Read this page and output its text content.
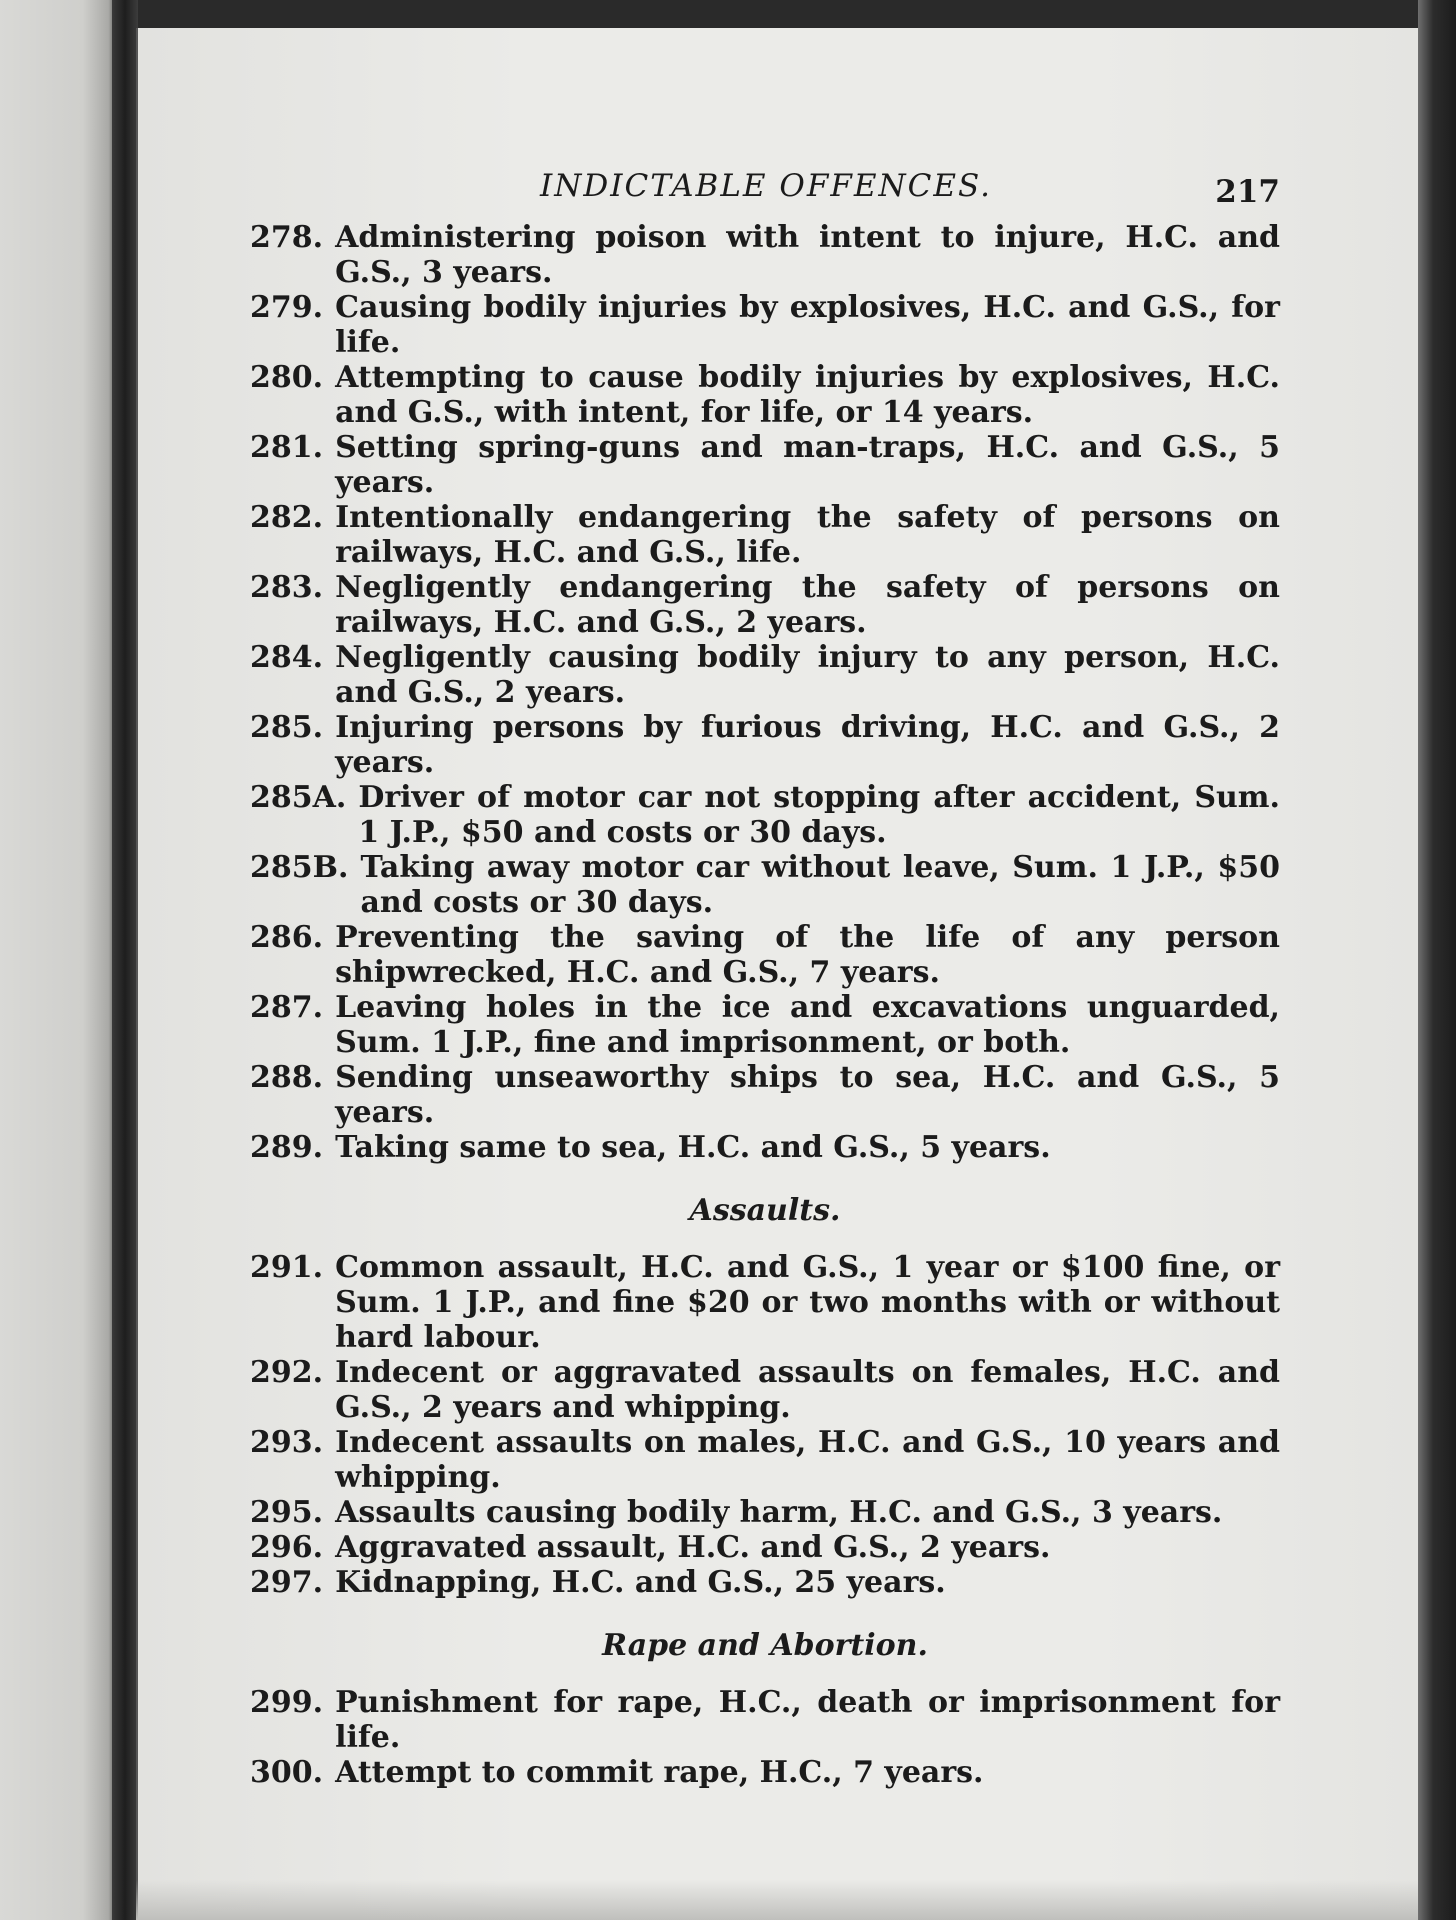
INDICTABLE OFFENCES.	217
278. Administering poison with intent to injure, H.C. and G.S., 3 years.
279. Causing bodily injuries by explosives, H.C. and G.S., for life.
280. Attempting to cause bodily injuries by explosives, H.C. and G.S., with intent, for life, or 14 years.
281. Setting spring-guns and man-traps, H.C. and G.S., 5 years.
282. Intentionally endangering the safety of persons on railways, H.C. and G.S., life.
283. Negligently endangering the safety of persons on railways, H.C. and G.S., 2 years.
284. Negligently causing bodily injury to any person, H.C. and G.S., 2 years.
285. Injuring persons by furious driving, H.C. and G.S., 2 years.
285A. Driver of motor car not stopping after accident, Sum. 1 J.P., $50 and costs or 30 days.
285B. Taking away motor car without leave, Sum. 1 J.P., $50 and costs or 30 days.
286. Preventing the saving of the life of any person shipwrecked, H.C. and G.S., 7 years.
287. Leaving holes in the ice and excavations unguarded, Sum. 1 J.P., fine and imprisonment, or both.
288. Sending unseaworthy ships to sea, H.C. and G.S., 5 years.
289. Taking same to sea, H.C. and G.S., 5 years.
Assaults.
291. Common assault, H.C. and G.S., 1 year or $100 fine, or Sum. 1 J.P., and fine $20 or two months with or without hard labour.
292. Indecent or aggravated assaults on females, H.C. and G.S., 2 years and whipping.
293. Indecent assaults on males, H.C. and G.S., 10 years and whipping.
295. Assaults causing bodily harm, H.C. and G.S., 3 years.
296. Aggravated assault, H.C. and G.S., 2 years.
297. Kidnapping, H.C. and G.S., 25 years.
Rape and Abortion.
299. Punishment for rape, H.C., death or imprisonment for life.
300. Attempt to commit rape, H.C., 7 years.
